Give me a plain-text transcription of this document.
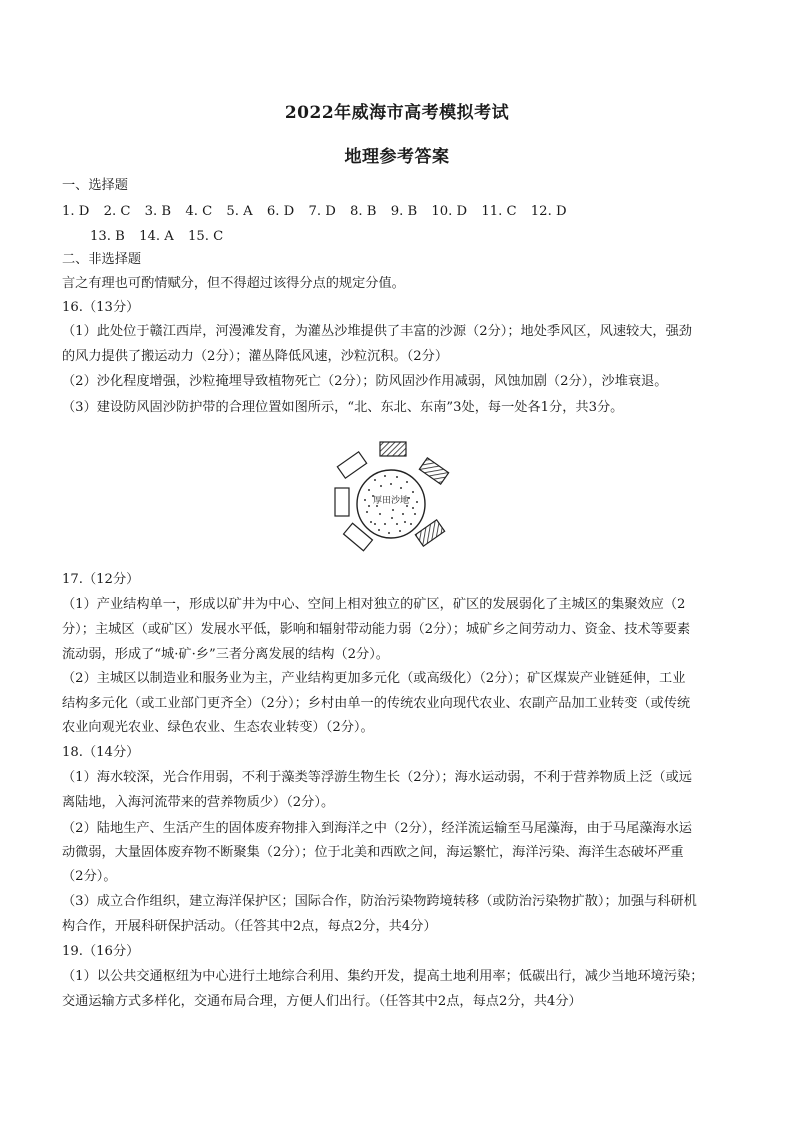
2022年威海市高考模拟考试
地理参考答案
一、选择题
1. D 2. C 3. B 4. C 5. A 6. D 7. D 8. B 9. B 10. D 11. C 12. D
13. B 14. A 15. C
二、非选择题
言之有理也可酌情赋分，但不得超过该得分点的规定分值。
16.（13分）
（1）此处位于赣江西岸，河漫滩发育，为灌丛沙堆提供了丰富的沙源（2分）；地处季风区，风速较大，强劲
的风力提供了搬运动力（2分）；灌丛降低风速，沙粒沉积。（2分）
（2）沙化程度增强，沙粒掩埋导致植物死亡（2分）；防风固沙作用减弱，风蚀加剧（2分），沙堆衰退。
（3）建设防风固沙防护带的合理位置如图所示，“北、东北、东南”3处，每一处各1分，共3分。
厚田沙地
17.（12分）
（1）产业结构单一，形成以矿井为中心、空间上相对独立的矿区，矿区的发展弱化了主城区的集聚效应（2
分）；主城区（或矿区）发展水平低，影响和辐射带动能力弱（2分）；城矿乡之间劳动力、资金、技术等要素
流动弱，形成了“城·矿·乡”三者分离发展的结构（2分）。
（2）主城区以制造业和服务业为主，产业结构更加多元化（或高级化）（2分）；矿区煤炭产业链延伸，工业
结构多元化（或工业部门更齐全）（2分）；乡村由单一的传统农业向现代农业、农副产品加工业转变（或传统
农业向观光农业、绿色农业、生态农业转变）（2分）。
18.（14分）
（1）海水较深，光合作用弱，不利于藻类等浮游生物生长（2分）；海水运动弱，不利于营养物质上泛（或远
离陆地，入海河流带来的营养物质少）（2分）。
（2）陆地生产、生活产生的固体废弃物排入到海洋之中（2分），经洋流运输至马尾藻海，由于马尾藻海水运
动微弱，大量固体废弃物不断聚集（2分）；位于北美和西欧之间，海运繁忙，海洋污染、海洋生态破坏严重
（2分）。
（3）成立合作组织，建立海洋保护区；国际合作，防治污染物跨境转移（或防治污染物扩散）；加强与科研机
构合作，开展科研保护活动。（任答其中2点，每点2分，共4分）
19.（16分）
（1）以公共交通枢纽为中心进行土地综合利用、集约开发，提高土地利用率；低碳出行，减少当地环境污染；
交通运输方式多样化，交通布局合理，方便人们出行。（任答其中2点，每点2分，共4分）
